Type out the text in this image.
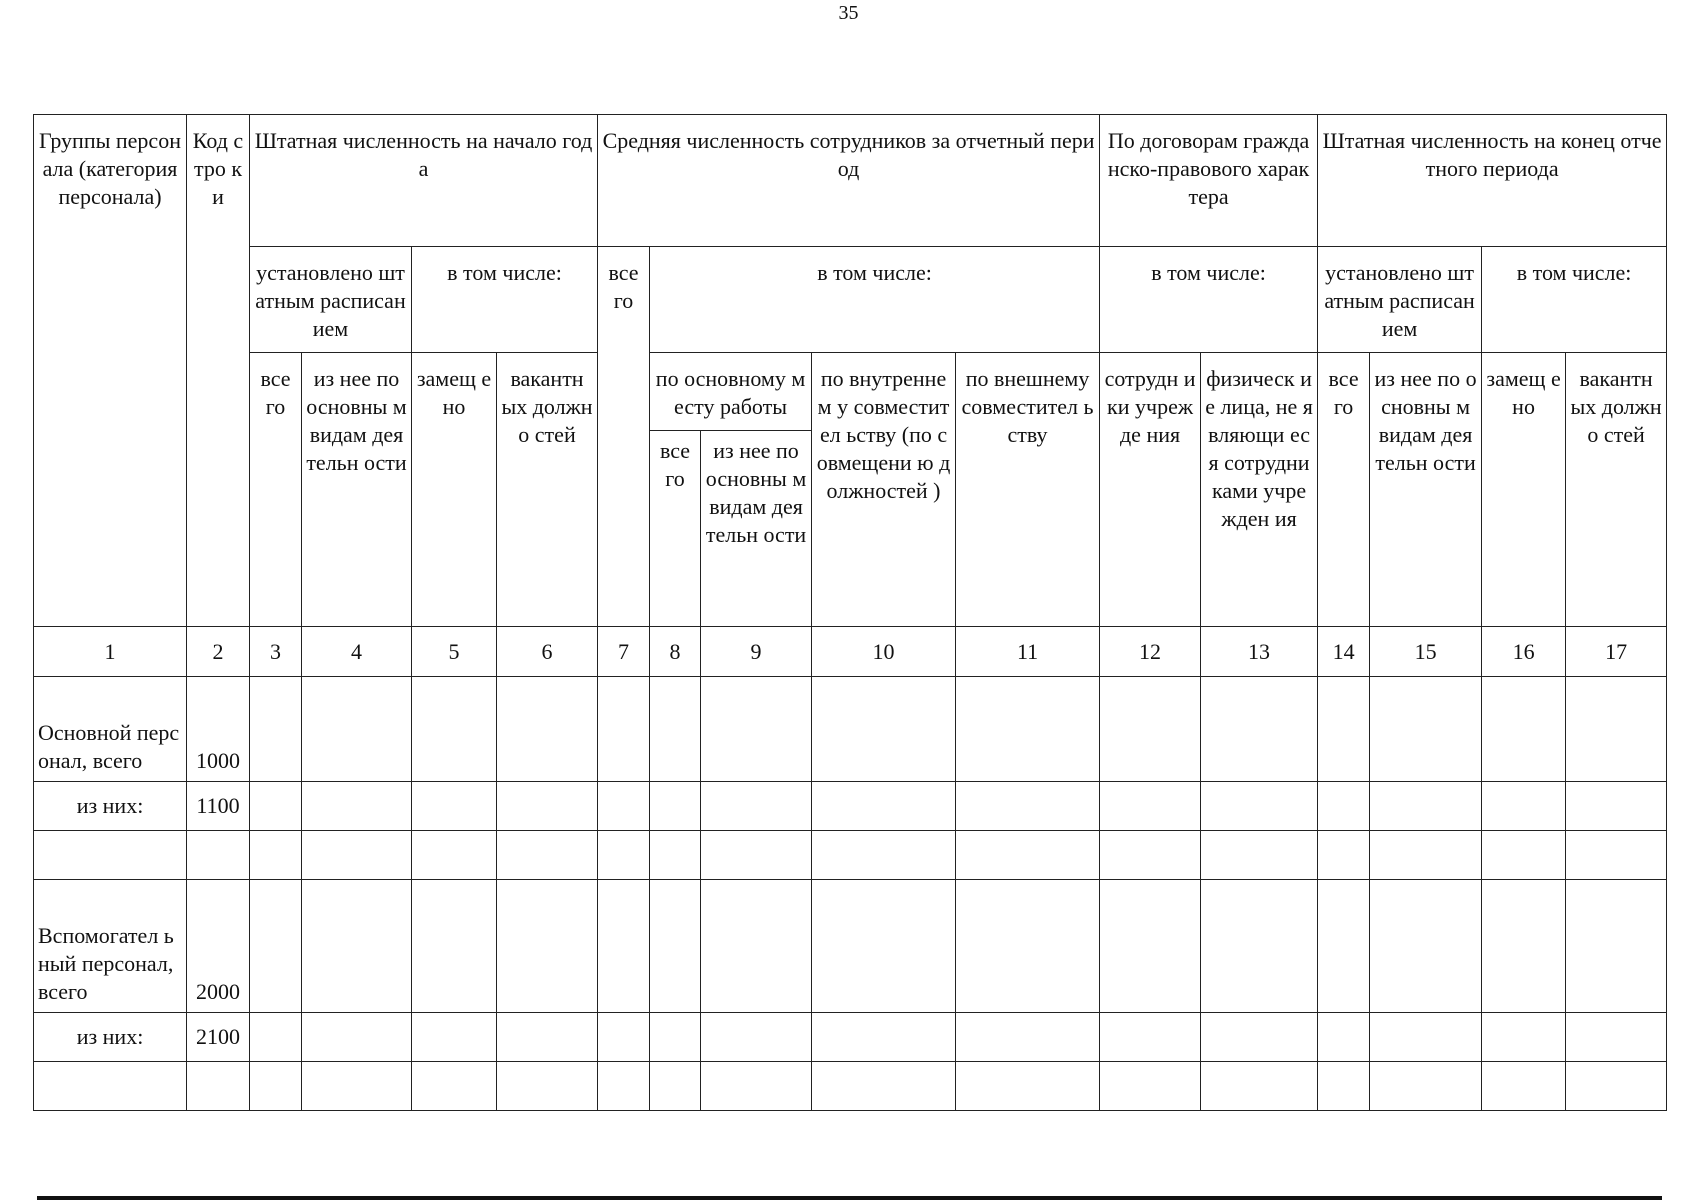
35
Группы персонала (категория персонала)	Код стро ки	Штатная численность на начало года				Средняя численность сотрудников за отчетный период					По договорам гражданско-правового характера		Штатная численность на конец отчетного периода			
		установлено штатным расписанием		в том числе:		все го	в том числе:				в том числе:		установлено штатным расписанием		в том числе:	
		все го	из нее по основны м видам деятельн ости	замещ ено	вакантн ых должно стей		по основному месту работы		по внутреннем у совместител ьству (по совмещени ю должностей )	по внешнему совместител ьству	сотрудн ики учрежде ния	физическ ие лица, не являющи еся сотрудни ками учрежден ия	все го	из нее по основны м видам деятельн ости	замещ ено	вакантн ых должно стей
							все го	из нее по основны м видам деятельн ости								
1	2	3	4	5	6	7	8	9	10	11	12	13	14	15	16	17
Основной персонал, всего	1000															
из них:	1100															

Вспомогател ьный персонал, всего	2000															
из них:	2100															
